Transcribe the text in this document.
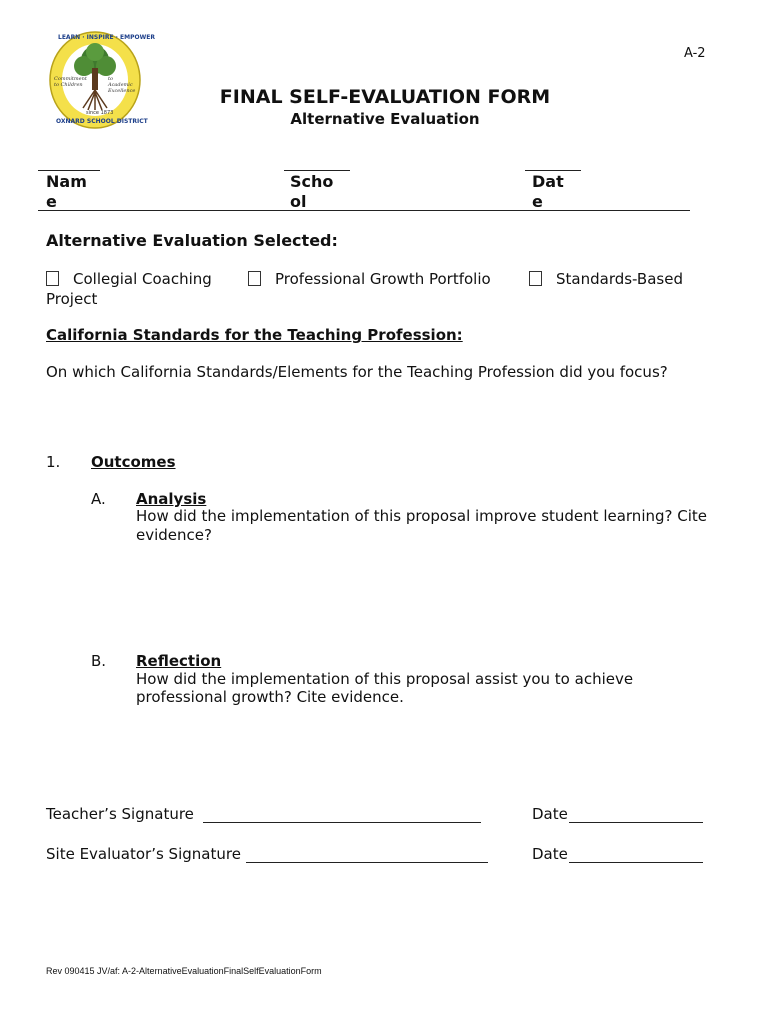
LEARN · INSPIRE · EMPOWER
Commitment to Children
to Academic Excellence
since 1873
OXNARD SCHOOL DISTRICT
A-2
FINAL SELF-EVALUATION FORM
Alternative Evaluation
Nam
e
Scho
ol
Dat
e
Alternative Evaluation Selected:
Collegial Coaching
Project
Professional Growth Portfolio	Standards-Based
California Standards for the Teaching Profession:
On which California Standards/Elements for the Teaching Profession did you focus?
1. Outcomes
A. Analysis
How did the implementation of this proposal improve student learning? Cite
evidence?
B. Reflection
How did the implementation of this proposal assist you to achieve
professional growth? Cite evidence.
Teacher’s Signature	Date
Site Evaluator’s Signature	Date
Rev 090415 JV/af: A-2-AlternativeEvaluationFinalSelfEvaluationForm
